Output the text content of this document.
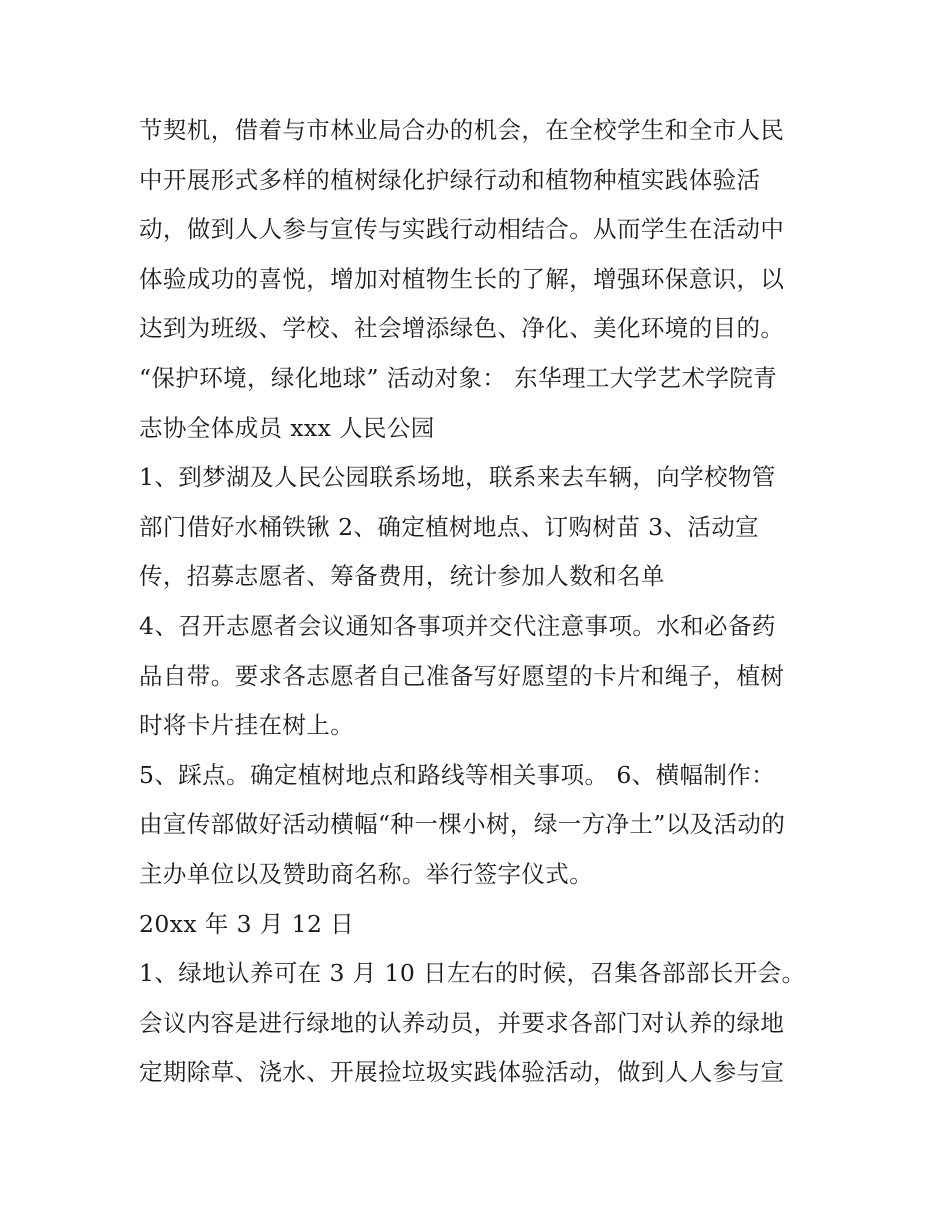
节契机，借着与市林业局合办的机会，在全校学生和全市人民
中开展形式多样的植树绿化护绿行动和植物种植实践体验活
动，做到人人参与宣传与实践行动相结合。从而学生在活动中
体验成功的喜悦，增加对植物生长的了解，增强环保意识，以
达到为班级、学校、社会增添绿色、净化、美化环境的目的。
“保护环境，绿化地球” 活动对象： 东华理工大学艺术学院青
志协全体成员 xxx 人民公园
1、到梦湖及人民公园联系场地，联系来去车辆，向学校物管
部门借好水桶铁锹 2、确定植树地点、订购树苗 3、活动宣
传，招募志愿者、筹备费用，统计参加人数和名单
4、召开志愿者会议通知各事项并交代注意事项。水和必备药
品自带。要求各志愿者自己准备写好愿望的卡片和绳子，植树
时将卡片挂在树上。
5、踩点。确定植树地点和路线等相关事项。 6、横幅制作：
由宣传部做好活动横幅“种一棵小树，绿一方净土”以及活动的
主办单位以及赞助商名称。举行签字仪式。
20xx 年 3 月 12 日
1、绿地认养可在 3 月 10 日左右的时候，召集各部部长开会。
会议内容是进行绿地的认养动员，并要求各部门对认养的绿地
定期除草、浇水、开展捡垃圾实践体验活动，做到人人参与宣
